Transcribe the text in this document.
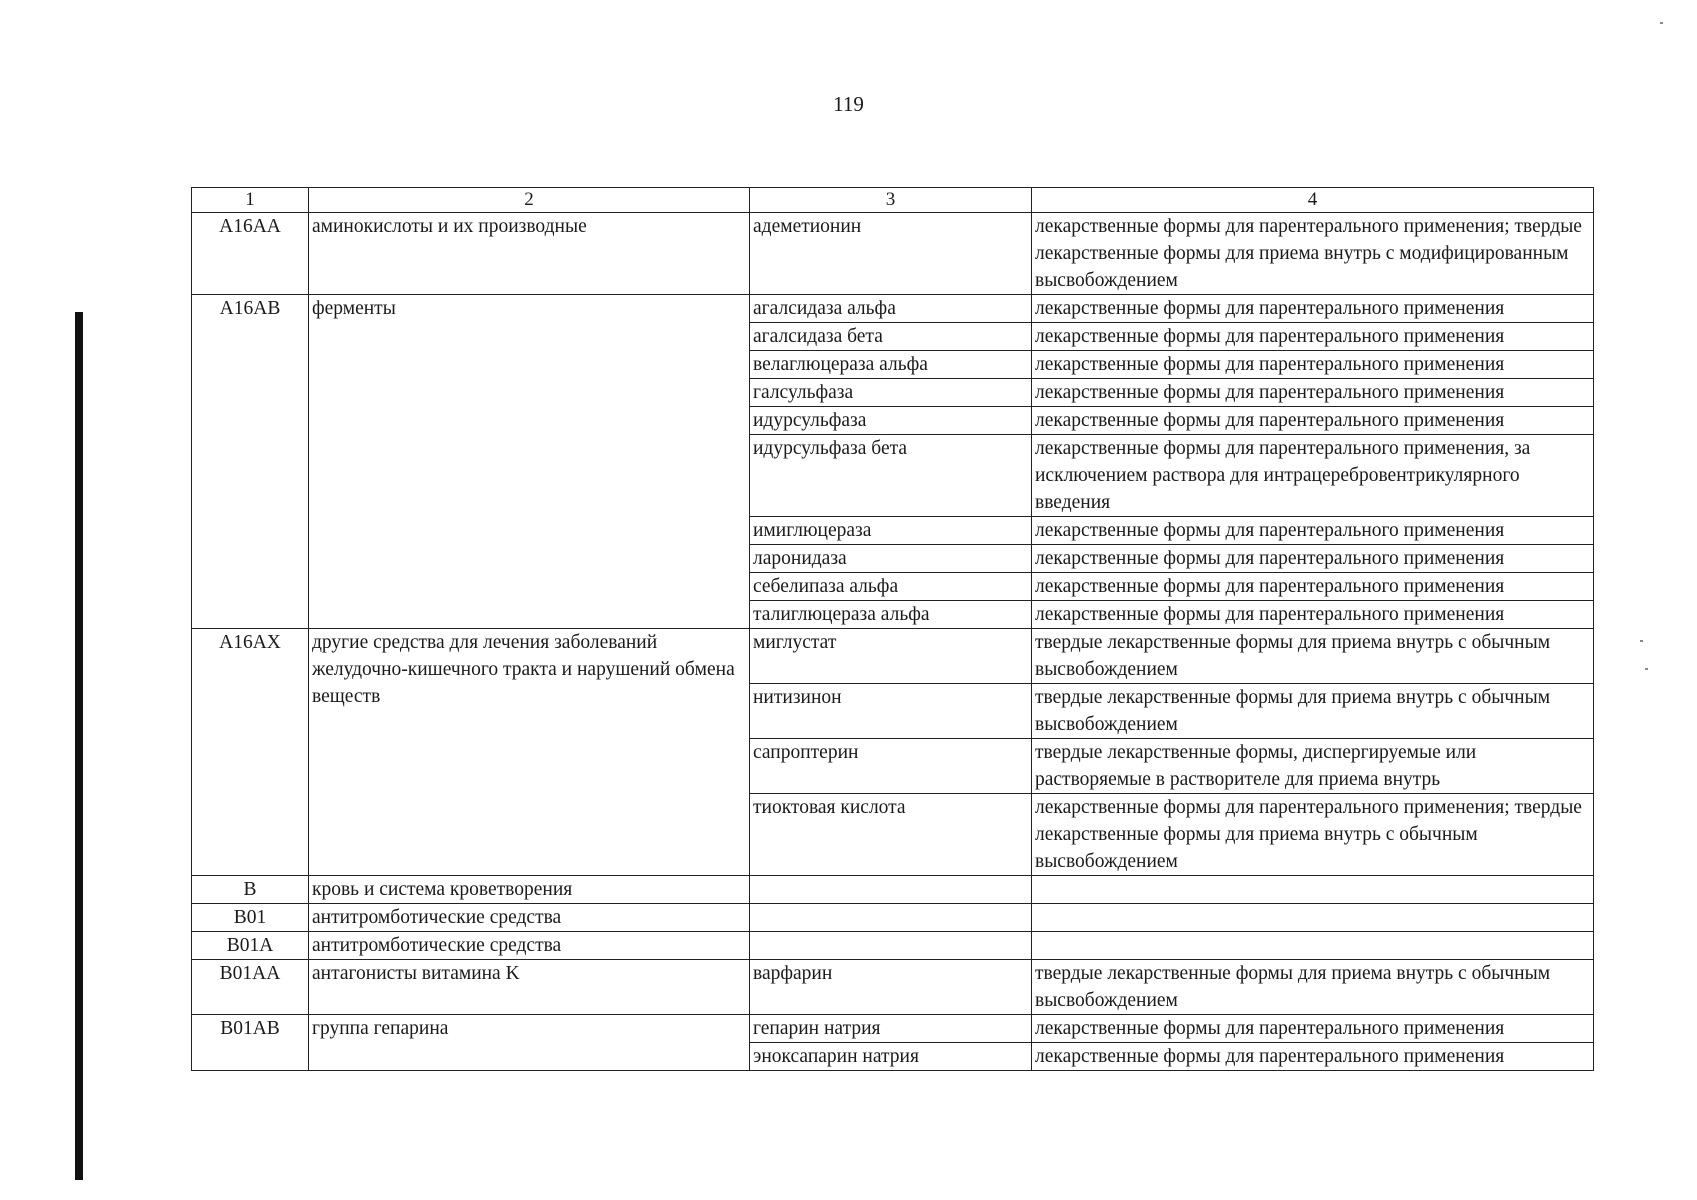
119
1	2	3	4
A16AA	аминокислоты и их производные	адеметионин	лекарственные формы для парентерального применения; твердые лекарственные формы для приема внутрь с модифицированным высвобождением
A16AB	ферменты	агалсидаза альфа	лекарственные формы для парентерального применения
		агалсидаза бета	лекарственные формы для парентерального применения
		велаглюцераза альфа	лекарственные формы для парентерального применения
		галсульфаза	лекарственные формы для парентерального применения
		идурсульфаза	лекарственные формы для парентерального применения
		идурсульфаза бета	лекарственные формы для парентерального применения, за исключением раствора для интрацеребровентрикулярного введения
		имиглюцераза	лекарственные формы для парентерального применения
		ларонидаза	лекарственные формы для парентерального применения
		себелипаза альфа	лекарственные формы для парентерального применения
		талиглюцераза альфа	лекарственные формы для парентерального применения
A16AX	другие средства для лечения заболеваний желудочно-кишечного тракта и нарушений обмена веществ	миглустат	твердые лекарственные формы для приема внутрь с обычным высвобождением
		нитизинон	твердые лекарственные формы для приема внутрь с обычным высвобождением
		сапроптерин	твердые лекарственные формы, диспергируемые или растворяемые в растворителе для приема внутрь
		тиоктовая кислота	лекарственные формы для парентерального применения; твердые лекарственные формы для приема внутрь с обычным высвобождением
B	кровь и система кроветворения		
B01	антитромботические средства		
B01A	антитромботические средства		
B01AA	антагонисты витамина K	варфарин	твердые лекарственные формы для приема внутрь с обычным высвобождением
B01AB	группа гепарина	гепарин натрия	лекарственные формы для парентерального применения
		эноксапарин натрия	лекарственные формы для парентерального применения
